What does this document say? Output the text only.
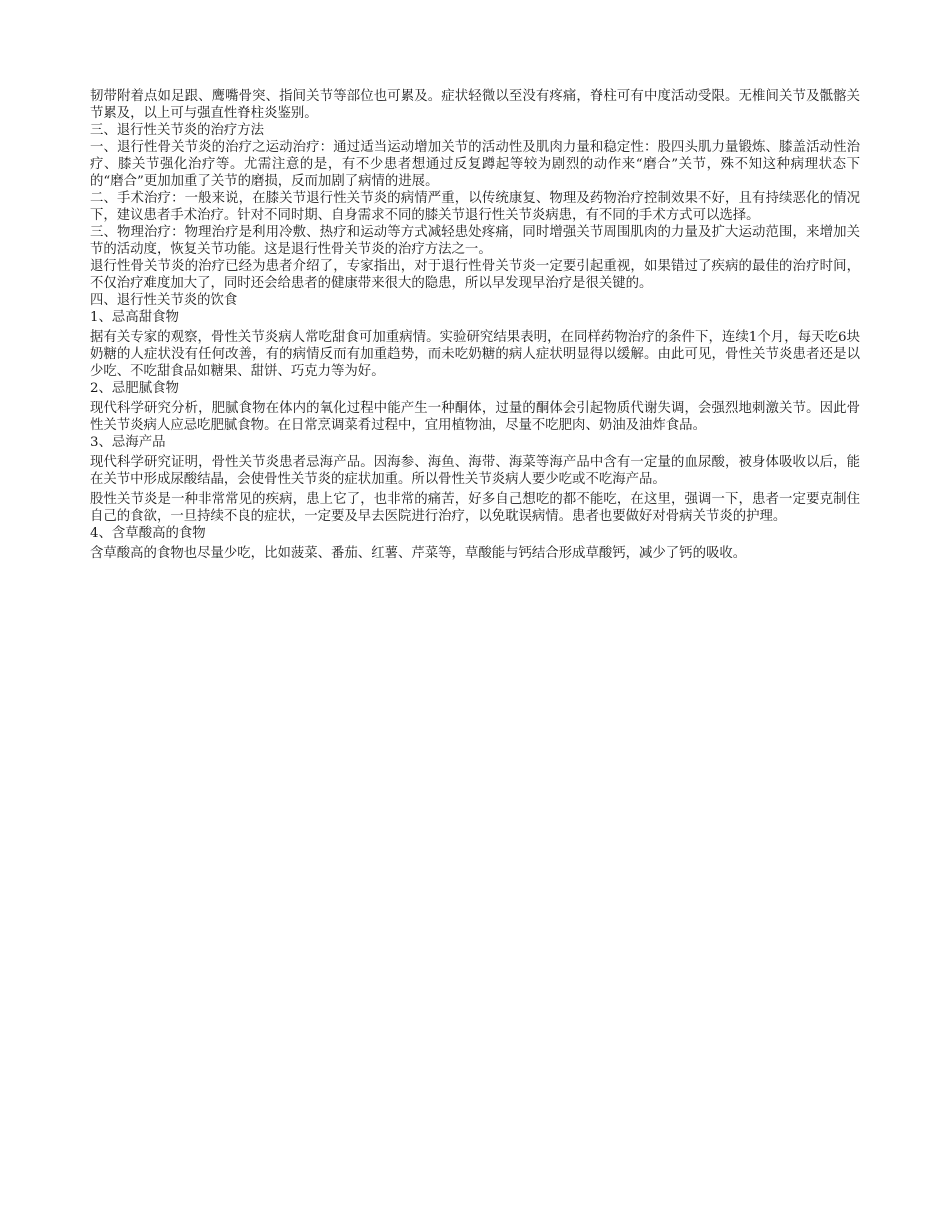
韧带附着点如足跟、鹰嘴骨突、指间关节等部位也可累及。症状轻微以至没有疼痛，脊柱可有中度活动受限。无椎间关节及骶髂关节累及，以上可与强直性脊柱炎鉴别。

三、退行性关节炎的治疗方法

一、退行性骨关节炎的治疗之运动治疗：通过适当运动增加关节的活动性及肌肉力量和稳定性：股四头肌力量锻炼、膝盖活动性治疗、膝关节强化治疗等。尤需注意的是，有不少患者想通过反复蹲起等较为剧烈的动作来“磨合”关节，殊不知这种病理状态下的“磨合”更加加重了关节的磨损，反而加剧了病情的进展。

二、手术治疗：一般来说，在膝关节退行性关节炎的病情严重，以传统康复、物理及药物治疗控制效果不好，且有持续恶化的情况下，建议患者手术治疗。针对不同时期、自身需求不同的膝关节退行性关节炎病患，有不同的手术方式可以选择。

三、物理治疗：物理治疗是利用冷敷、热疗和运动等方式减轻患处疼痛，同时增强关节周围肌肉的力量及扩大运动范围，来增加关节的活动度，恢复关节功能。这是退行性骨关节炎的治疗方法之一。

退行性骨关节炎的治疗已经为患者介绍了，专家指出，对于退行性骨关节炎一定要引起重视，如果错过了疾病的最佳的治疗时间，不仅治疗难度加大了，同时还会给患者的健康带来很大的隐患，所以早发现早治疗是很关键的。

四、退行性关节炎的饮食

1、忌高甜食物

据有关专家的观察，骨性关节炎病人常吃甜食可加重病情。实验研究结果表明，在同样药物治疗的条件下，连续1个月，每天吃6块奶糖的人症状没有任何改善，有的病情反而有加重趋势，而未吃奶糖的病人症状明显得以缓解。由此可见，骨性关节炎患者还是以少吃、不吃甜食品如糖果、甜饼、巧克力等为好。

2、忌肥腻食物

现代科学研究分析，肥腻食物在体内的氧化过程中能产生一种酮体，过量的酮体会引起物质代谢失调，会强烈地刺激关节。因此骨性关节炎病人应忌吃肥腻食物。在日常烹调菜肴过程中，宜用植物油，尽量不吃肥肉、奶油及油炸食品。

3、忌海产品

现代科学研究证明，骨性关节炎患者忌海产品。因海参、海鱼、海带、海菜等海产品中含有一定量的血尿酸，被身体吸收以后，能在关节中形成尿酸结晶，会使骨性关节炎的症状加重。所以骨性关节炎病人要少吃或不吃海产品。

股性关节炎是一种非常常见的疾病，患上它了，也非常的痛苦，好多自己想吃的都不能吃，在这里，强调一下，患者一定要克制住自己的食欲，一旦持续不良的症状，一定要及早去医院进行治疗，以免耽误病情。患者也要做好对骨病关节炎的护理。

4、含草酸高的食物

含草酸高的食物也尽量少吃，比如菠菜、番茄、红薯、芹菜等，草酸能与钙结合形成草酸钙，减少了钙的吸收。
